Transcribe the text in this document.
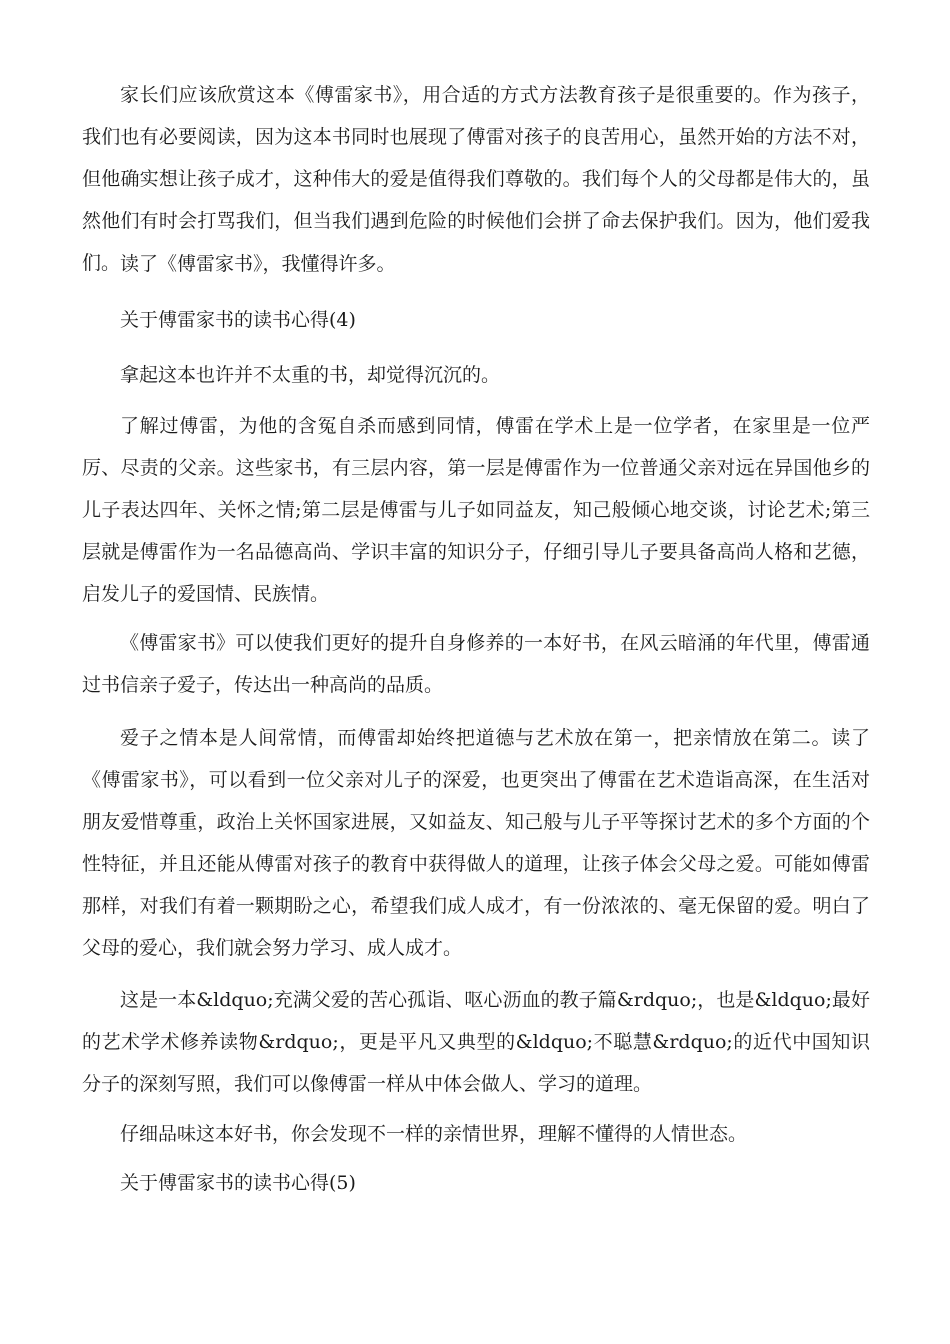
家长们应该欣赏这本《傅雷家书》，用合适的方式方法教育孩子是很重要的。作为孩子，我们也有必要阅读，因为这本书同时也展现了傅雷对孩子的良苦用心，虽然开始的方法不对，但他确实想让孩子成才，这种伟大的爱是值得我们尊敬的。我们每个人的父母都是伟大的，虽然他们有时会打骂我们，但当我们遇到危险的时候他们会拼了命去保护我们。因为，他们爱我们。 读了《傅雷家书》，我懂得许多。

关于傅雷家书的读书心得(4)

拿起这本也许并不太重的书，却觉得沉沉的。

了解过傅雷，为他的含冤自杀而感到同情，傅雷在学术上是一位学者，在家里是一位严厉、尽责的父亲。这些家书，有三层内容，第一层是傅雷作为一位普通父亲对远在异国他乡的儿子表达四年、关怀之情;第二层是傅雷与儿子如同益友，知己般倾心地交谈，讨论艺术;第三层就是傅雷作为一名品德高尚、学识丰富的知识分子，仔细引导儿子要具备高尚人格和艺德，启发儿子的爱国情、民族情。

《傅雷家书》可以使我们更好的提升自身修养的一本好书，在风云暗涌的年代里，傅雷通过书信亲子爱子，传达出一种高尚的品质。

爱子之情本是人间常情，而傅雷却始终把道德与艺术放在第一，把亲情放在第二。读了《傅雷家书》，可以看到一位父亲对儿子的深爱，也更突出了傅雷在艺术造诣高深，在生活对朋友爱惜尊重，政治上关怀国家进展，又如益友、知己般与儿子平等探讨艺术的多个方面的个性特征，并且还能从傅雷对孩子的教育中获得做人的道理，让孩子体会父母之爱。可能如傅雷那样，对我们有着一颗期盼之心，希望我们成人成才，有一份浓浓的、毫无保留的爱。明白了父母的爱心，我们就会努力学习、成人成才。

这是一本&ldquo;充满父爱的苦心孤诣、呕心沥血的教子篇&rdquo;，也是&ldquo;最好的艺术学术修养读物&rdquo;，更是平凡又典型的&ldquo;不聪慧&rdquo;的近代中国知识分子的深刻写照，我们可以像傅雷一样从中体会做人、学习的道理。

仔细品味这本好书，你会发现不一样的亲情世界，理解不懂得的人情世态。

关于傅雷家书的读书心得(5)
